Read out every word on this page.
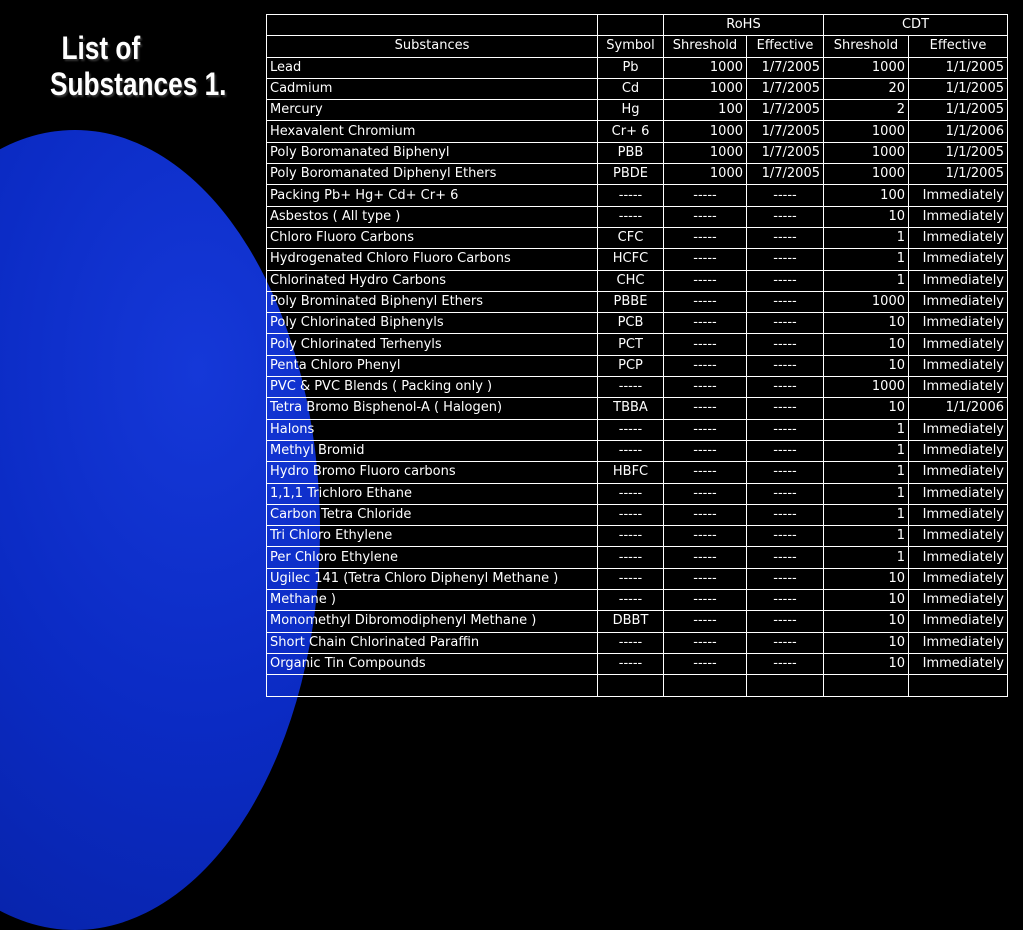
List of
Substances 1.
		RoHS		CDT	
Substances	Symbol	Shreshold	Effective	Shreshold	Effective
Lead	Pb	1000	1/7/2005	1000	1/1/2005
Cadmium	Cd	1000	1/7/2005	20	1/1/2005
Mercury	Hg	100	1/7/2005	2	1/1/2005
Hexavalent Chromium	Cr+ 6	1000	1/7/2005	1000	1/1/2006
Poly Boromanated Biphenyl	PBB	1000	1/7/2005	1000	1/1/2005
Poly Boromanated Diphenyl Ethers	PBDE	1000	1/7/2005	1000	1/1/2005
Packing Pb+ Hg+ Cd+ Cr+ 6	-----	-----	-----	100	Immediately
Asbestos ( All type )	-----	-----	-----	10	Immediately
Chloro Fluoro Carbons	CFC	-----	-----	1	Immediately
Hydrogenated Chloro Fluoro Carbons	HCFC	-----	-----	1	Immediately
Chlorinated Hydro Carbons	CHC	-----	-----	1	Immediately
Poly Brominated Biphenyl Ethers	PBBE	-----	-----	1000	Immediately
Poly Chlorinated Biphenyls	PCB	-----	-----	10	Immediately
Poly Chlorinated Terhenyls	PCT	-----	-----	10	Immediately
Penta Chloro Phenyl	PCP	-----	-----	10	Immediately
PVC & PVC Blends ( Packing only )	-----	-----	-----	1000	Immediately
Tetra Bromo Bisphenol-A ( Halogen)	TBBA	-----	-----	10	1/1/2006
Halons	-----	-----	-----	1	Immediately
Methyl Bromid	-----	-----	-----	1	Immediately
Hydro Bromo Fluoro carbons	HBFC	-----	-----	1	Immediately
1,1,1 Trichloro Ethane	-----	-----	-----	1	Immediately
Carbon Tetra Chloride	-----	-----	-----	1	Immediately
Tri Chloro Ethylene	-----	-----	-----	1	Immediately
Per Chloro Ethylene	-----	-----	-----	1	Immediately
Ugilec 141 (Tetra Chloro Diphenyl Methane )	-----	-----	-----	10	Immediately
Methane )	-----	-----	-----	10	Immediately
Monomethyl Dibromodiphenyl Methane )	DBBT	-----	-----	10	Immediately
Short Chain Chlorinated Paraffin	-----	-----	-----	10	Immediately
Organic Tin Compounds	-----	-----	-----	10	Immediately
